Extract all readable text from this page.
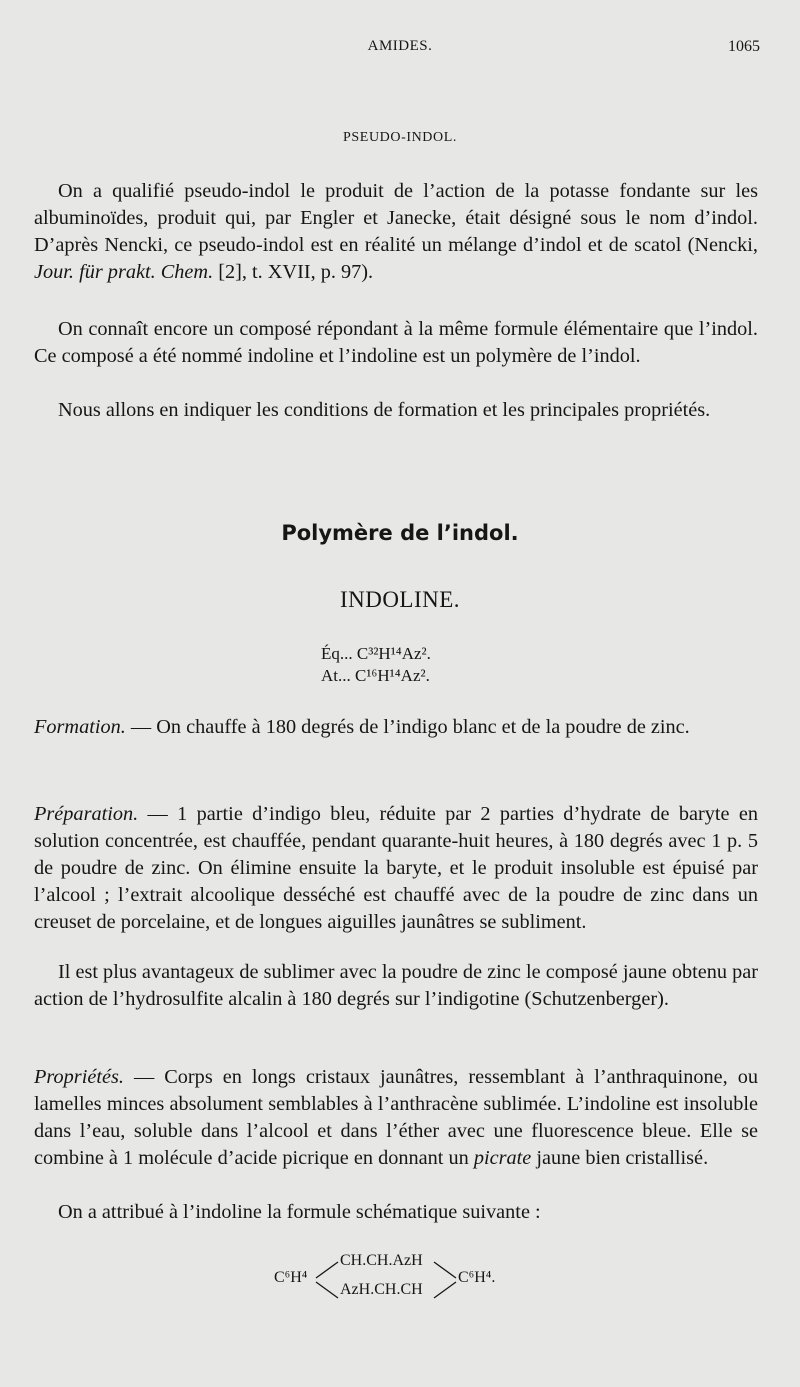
AMIDES.	1065
PSEUDO-INDOL.

On a qualifié pseudo-indol le produit de l’action de la potasse fondante sur les albuminoïdes, produit qui, par Engler et Janecke, était désigné sous le nom d’indol. D’après Nencki, ce pseudo-indol est en réalité un mélange d’indol et de scatol (Nencki, Jour. für prakt. Chem. [2], t. XVII, p. 97).

On connaît encore un composé répondant à la même formule élémentaire que l’indol. Ce composé a été nommé indoline et l’indoline est un polymère de l’indol.

Nous allons en indiquer les conditions de formation et les principales propriétés.

Polymère de l’indol.
INDOLINE.
Éq... C³²H¹⁴Az².
At... C¹⁶H¹⁴Az².

Formation. — On chauffe à 180 degrés de l’indigo blanc et de la poudre de zinc.

Préparation. — 1 partie d’indigo bleu, réduite par 2 parties d’hydrate de baryte en solution concentrée, est chauffée, pendant quarante-huit heures, à 180 degrés avec 1 p. 5 de poudre de zinc. On élimine ensuite la baryte, et le produit insoluble est épuisé par l’alcool ; l’extrait alcoolique desséché est chauffé avec de la poudre de zinc dans un creuset de porcelaine, et de longues aiguilles jaunâtres se subliment.

Il est plus avantageux de sublimer avec la poudre de zinc le composé jaune obtenu par action de l’hydrosulfite alcalin à 180 degrés sur l’indigotine (Schutzenberger).

Propriétés. — Corps en longs cristaux jaunâtres, ressemblant à l’anthraquinone, ou lamelles minces absolument semblables à l’anthracène sublimée. L’indoline est insoluble dans l’eau, soluble dans l’alcool et dans l’éther avec une fluorescence bleue. Elle se combine à 1 molécule d’acide picrique en donnant un picrate jaune bien cristallisé.

On a attribué à l’indoline la formule schématique suivante :

C⁶H⁴
CH.CH.AzH
AzH.CH.CH
C⁶H⁴.
